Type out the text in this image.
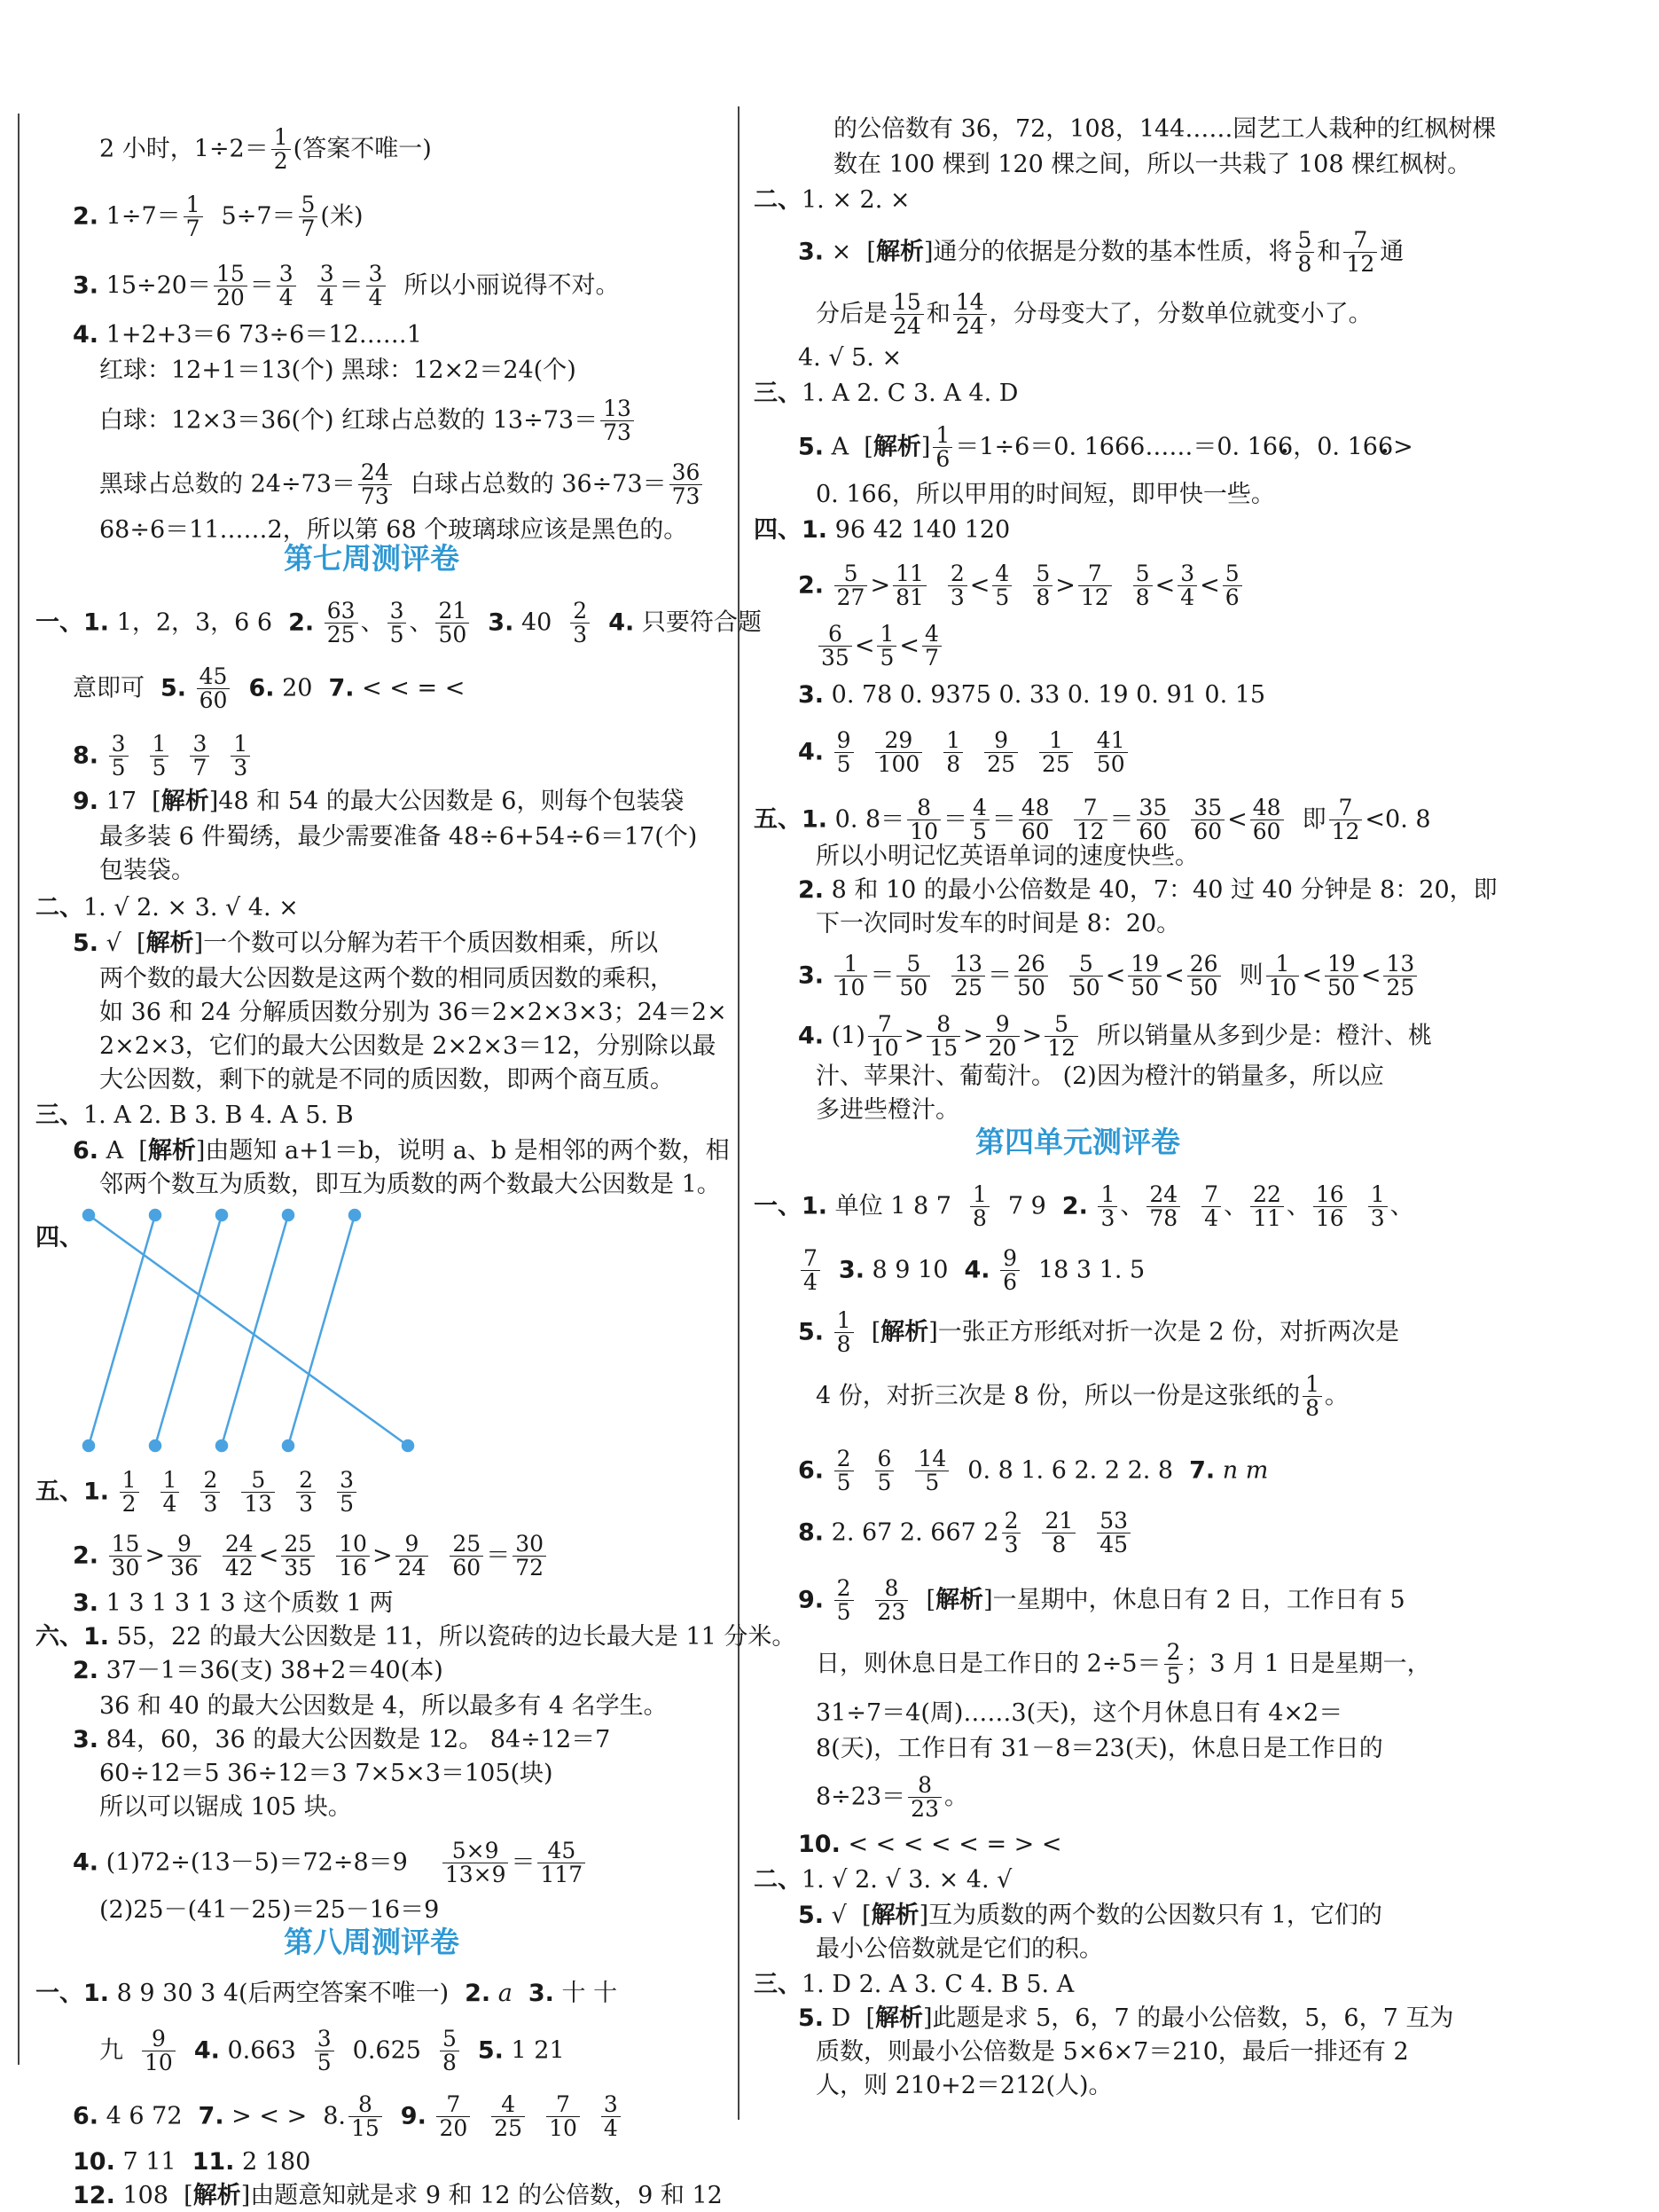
2 小时，$1\div 2= \frac{1}{2}$ (答案不唯一)
2. $1\div 7= \frac{1}{7} 5\div 7= \frac{5}{7}$ (米)
3. $15\div 20= \frac{15}{20} = \frac{3}{4} \frac{3}{4} = \frac{3}{4}$ 所以小丽说得不对。
4. 1+2+3＝6 73÷6＝12……1
红球：12+1＝13(个) 黑球：12×2＝24(个)
白球：12×3＝36(个) 红球占总数的 $13\div 73= \frac{13}{73}$
黑球占总数的 $24\div 73= \frac{24}{73}$ 白球占总数的 $36\div 73= \frac{36}{73}$
68÷6＝11……2，所以第 68 个玻璃球应该是黑色的。
第七周测评卷
一、1. 1，2，3，6 6 2. $\frac{63}{25}$ 、 $\frac{3}{5}$ 、 $\frac{21}{50} 3$. $40 \frac{2}{3} 4$. 只要符合题
意即可 5. $\frac{45}{60} 6$. 20 7. < < = <
8. $\frac{3}{5} \frac{1}{5} \frac{3}{7} \frac{1}{3}$
9. 17  [解析]48 和 54 的最大公因数是 6，则每个包装袋
最多装 6 件蜀绣，最少需要准备 48÷6+54÷6＝17(个)
包装袋。
二、1. √ 2. × 3. √ 4. ×
5. √  [解析]一个数可以分解为若干个质因数相乘，所以
两个数的最大公因数是这两个数的相同质因数的乘积，
如 36 和 24 分解质因数分别为 36＝2×2×3×3；24＝2×
2×2×3，它们的最大公因数是 2×2×3＝12，分别除以最
大公因数，剩下的就是不同的质因数，即两个商互质。
三、1. A 2. B 3. B 4. A 5. B
6. A  [解析]由题知 a+1＝b，说明 a、b 是相邻的两个数，相
邻两个数互为质数，即互为质数的两个数最大公因数是 1。
四、
五、1. $\frac{1}{2} \frac{1}{4} \frac{2}{3} \frac{5}{13} \frac{2}{3} \frac{3}{5}$
2. $\frac{15}{30} > \frac{9}{36} \frac{24}{42} < \frac{25}{35} \frac{10}{16} > \frac{9}{24} \frac{25}{60} = \frac{30}{72}$
3. 1 3 1 3 1 3 这个质数 1 两
六、1. 55，22 的最大公因数是 11，所以瓷砖的边长最大是 11 分米。
2. 37－1＝36(支) 38+2＝40(本)
36 和 40 的最大公因数是 4，所以最多有 4 名学生。
3. 84，60，36 的最大公因数是 12。 84÷12＝7
60÷12＝5 36÷12＝3 7×5×3＝105(块)
所以可以锯成 105 块。
4. $(1)72\div(13-5)=72\div 8=9 \frac{5\times 9}{13\times 9} = \frac{45}{117}$
(2)25－(41－25)＝25－16＝9
第八周测评卷
一、1. 8 9 30 3 4(后两空答案不唯一) 2. a 3. 十 十
九 $\frac{9}{10} 4$. $0.663 \frac{3}{5} 0.625 \frac{5}{8} 5$. 1 21
6. 4 6 72 7. > < > 8. $\frac{8}{15} 9$. $\frac{7}{20} \frac{4}{25} \frac{7}{10} \frac{3}{4}$
10. 7 11 11. 2 180
12. 108  [解析]由题意知就是求 9 和 12 的公倍数，9 和 12
的公倍数有 36，72，108，144……园艺工人栽种的红枫树棵
数在 100 棵到 120 棵之间，所以一共栽了 108 棵红枫树。
二、1. × 2. ×
3. ×  [解析]通分的依据是分数的基本性质，将 $\frac{5}{8}$ 和 $\frac{7}{12}$ 通
分后是 $\frac{15}{24}$ 和 $\frac{14}{24}$ ，分母变大了，分数单位就变小了。
4. √ 5. ×
三、1. A 2. C 3. A 4. D
5. A  [解析] $\frac{1}{6} =1\div 6=0$. 1666……＝0. 166，0. 166>
0. 166，所以甲用的时间短，即甲快一些。
四、1. 96 42 140 120
2. $\frac{5}{27} > \frac{11}{81} \frac{2}{3} < \frac{4}{5} \frac{5}{8} > \frac{7}{12} \frac{5}{8} < \frac{3}{4} < \frac{5}{6}$
$\frac{6}{35} < \frac{1}{5} < \frac{4}{7}$
3. 0. 78 0. 9375 0. 33 0. 19 0. 91 0. 15
4. $\frac{9}{5} \frac{29}{100} \frac{1}{8} \frac{9}{25} \frac{1}{25} \frac{41}{50}$
五、1. 0. $8= \frac{8}{10} = \frac{4}{5} = \frac{48}{60} \frac{7}{12} = \frac{35}{60} \frac{35}{60} < \frac{48}{60}$ 即 $\frac{7}{12} <0$. 8
所以小明记忆英语单词的速度快些。
2. 8 和 10 的最小公倍数是 40，7：40 过 40 分钟是 8：20，即
下一次同时发车的时间是 8：20。
3. $\frac{1}{10} = \frac{5}{50} \frac{13}{25} = \frac{26}{50} \frac{5}{50} < \frac{19}{50} < \frac{26}{50}$ 则 $\frac{1}{10} < \frac{19}{50} < \frac{13}{25}$
4. $(1) \frac{7}{10} > \frac{8}{15} > \frac{9}{20} > \frac{5}{12}$ 所以销量从多到少是：橙汁、桃
汁、苹果汁、葡萄汁。 (2)因为橙汁的销量多，所以应
多进些橙汁。
第四单元测评卷
一、1. 单位 1 8 $7 \frac{1}{8} 7$ 9 2. $\frac{1}{3}$ 、 $\frac{24}{78} \frac{7}{4}$ 、 $\frac{22}{11}$ 、 $\frac{16}{16} \frac{1}{3}$ 、
$\frac{7}{4} 3$. 8 9 10 4. $\frac{9}{6} 18$ 3 1. 5
5. $\frac{1}{8}$ [解析]一张正方形纸对折一次是 2 份，对折两次是
4 份，对折三次是 8 份，所以一份是这张纸的 $\frac{1}{8}$ 。
6. $\frac{2}{5} \frac{6}{5} \frac{14}{5} 0$. 8 1. 6 2. 2 2. 8 7. n m
8. 2. 67 2. 667 $2 \frac{2}{3} \frac{21}{8} \frac{53}{45}$
9. $\frac{2}{5} \frac{8}{23}$ [解析]一星期中，休息日有 2 日，工作日有 5
日，则休息日是工作日的 $2\div 5= \frac{2}{5}$ ；3 月 1 日是星期一，
31÷7＝4(周)……3(天)，这个月休息日有 4×2＝
8(天)，工作日有 31－8＝23(天)，休息日是工作日的
$8\div 23= \frac{8}{23}$ 。
10. < < < < < = > <
二、1. √ 2. √ 3. × 4. √
5. √  [解析]互为质数的两个数的公因数只有 1，它们的
最小公倍数就是它们的积。
三、1. D 2. A 3. C 4. B 5. A
5. D  [解析]此题是求 5，6，7 的最小公倍数，5，6，7 互为
质数，则最小公倍数是 5×6×7＝210，最后一排还有 2
人，则 210+2＝212(人)。
